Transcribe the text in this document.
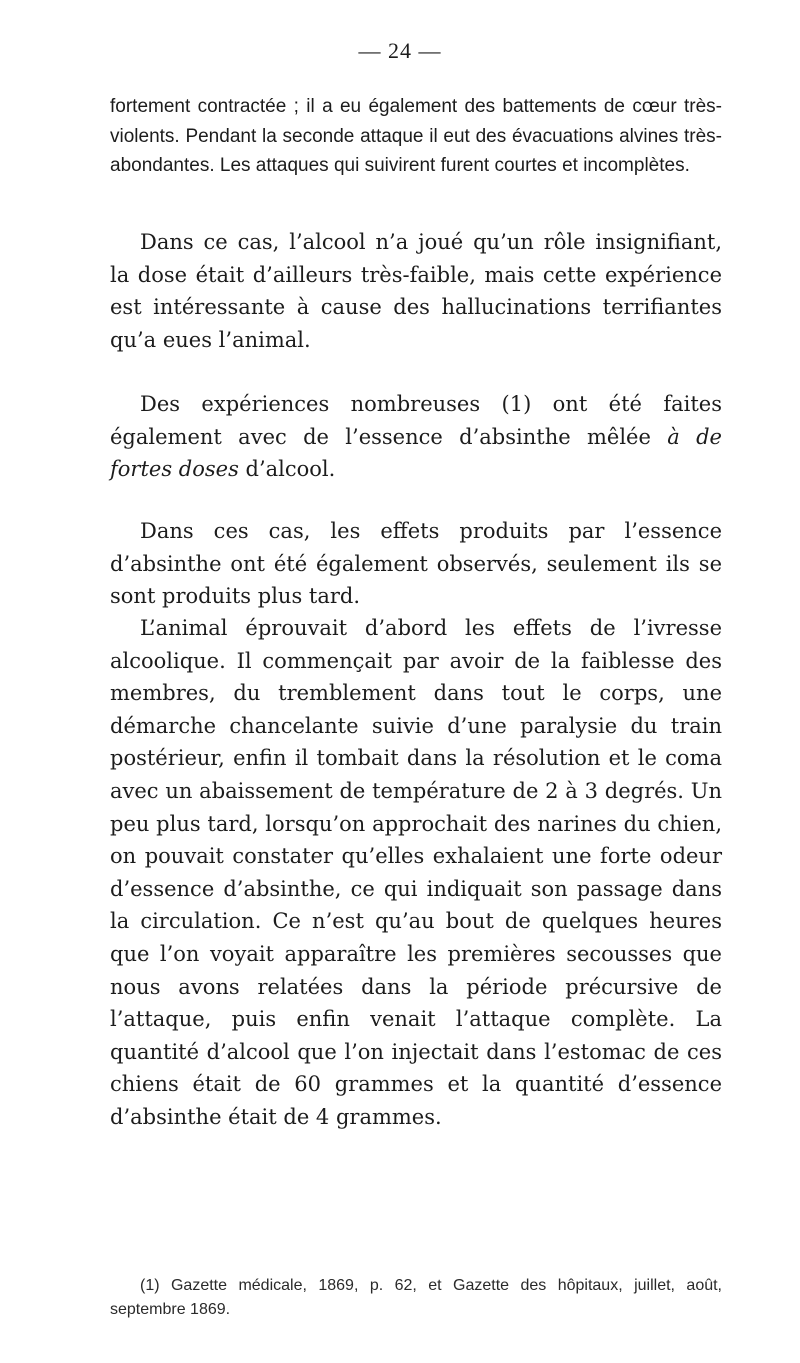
— 24 —

fortement contractée ; il a eu également des battements de cœur très-violents. Pendant la seconde attaque il eut des évacuations alvines très-abondantes. Les attaques qui suivirent furent courtes et incomplètes.

Dans ce cas, l’alcool n’a joué qu’un rôle insignifiant, la dose était d’ailleurs très-faible, mais cette expérience est intéressante à cause des hallucinations terrifiantes qu’a eues l’animal.

Des expériences nombreuses (1) ont été faites également avec de l’essence d’absinthe mêlée à de fortes doses d’alcool.

Dans ces cas, les effets produits par l’essence d’absinthe ont été également observés, seulement ils se sont produits plus tard.

L’animal éprouvait d’abord les effets de l’ivresse alcoolique. Il commençait par avoir de la faiblesse des membres, du tremblement dans tout le corps, une démarche chancelante suivie d’une paralysie du train postérieur, enfin il tombait dans la résolution et le coma avec un abaissement de température de 2 à 3 degrés. Un peu plus tard, lorsqu’on approchait des narines du chien, on pouvait constater qu’elles exhalaient une forte odeur d’essence d’absinthe, ce qui indiquait son passage dans la circulation. Ce n’est qu’au bout de quelques heures que l’on voyait apparaître les premières secousses que nous avons relatées dans la période précursive de l’attaque, puis enfin venait l’attaque complète. La quantité d’alcool que l’on injectait dans l’estomac de ces chiens était de 60 grammes et la quantité d’essence d’absinthe était de 4 grammes.

(1) Gazette médicale, 1869, p. 62, et Gazette des hôpitaux, juillet, août, septembre 1869.
